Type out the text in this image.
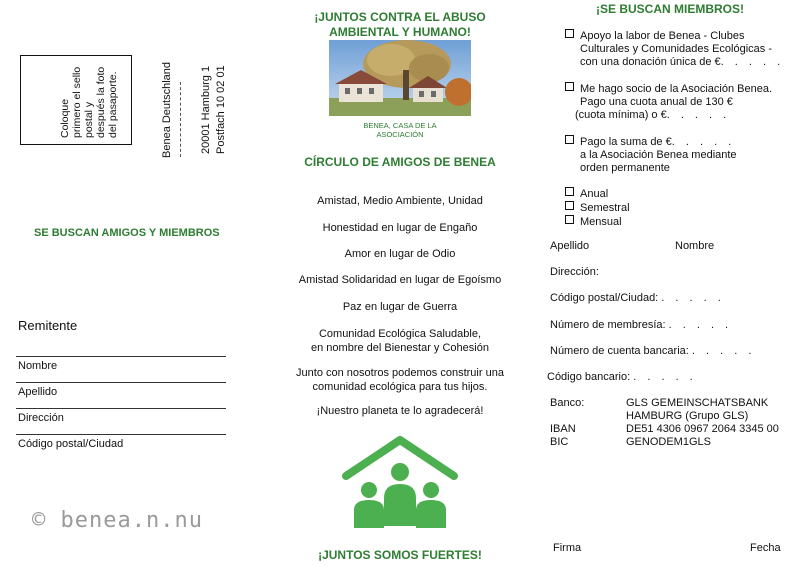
Coloque primero el sello postal y después la foto del pasaporte.	Benea Deutschland 20001 Hamburg 1 Postfach 10 02 01
SE BUSCAN AMIGOS Y MIEMBROS
Remitente
Nombre
Apellido
Dirección
Código postal/Ciudad
© benea.n.nu
¡JUNTOS CONTRA EL ABUSO
AMBIENTAL Y HUMANO!
BENEA, CASA DE LA
ASOCIACIÓN
CÍRCULO DE AMIGOS DE BENEA
Amistad, Medio Ambiente, Unidad
Honestidad en lugar de Engaño
Amor en lugar de Odio
Amistad Solidaridad en lugar de Egoísmo
Paz en lugar de Guerra
Comunidad Ecológica Saludable,
en nombre del Bienestar y Cohesión
Junto con nosotros podemos construir una
comunidad ecológica para tus hijos.
¡Nuestro planeta te lo agradecerá!
¡JUNTOS SOMOS FUERTES!
¡SE BUSCAN MIEMBROS!
Apoyo la labor de Benea - Clubes
Culturales y Comunidades Ecológicas -
con una donación única de €. . . . .
Me hago socio de la Asociación Benea.
Pago una cuota anual de 130 €
(cuota mínima) o €. . . . .
Pago la suma de €. . . . .
a la Asociación Benea mediante
orden permanente
Anual
Semestral
Mensual
Apellido	Nombre
Dirección:
Código postal/Ciudad: . . . . .
Número de membresía: . . . . .
Número de cuenta bancaria: . . . . .
Código bancario: . . . . .
Banco:	GLS GEMEINSCHATSBANK
HAMBURG (Grupo GLS)
IBAN	DE51 4306 0967 2064 3345 00
BIC	GENODEM1GLS
Firma	Fecha
